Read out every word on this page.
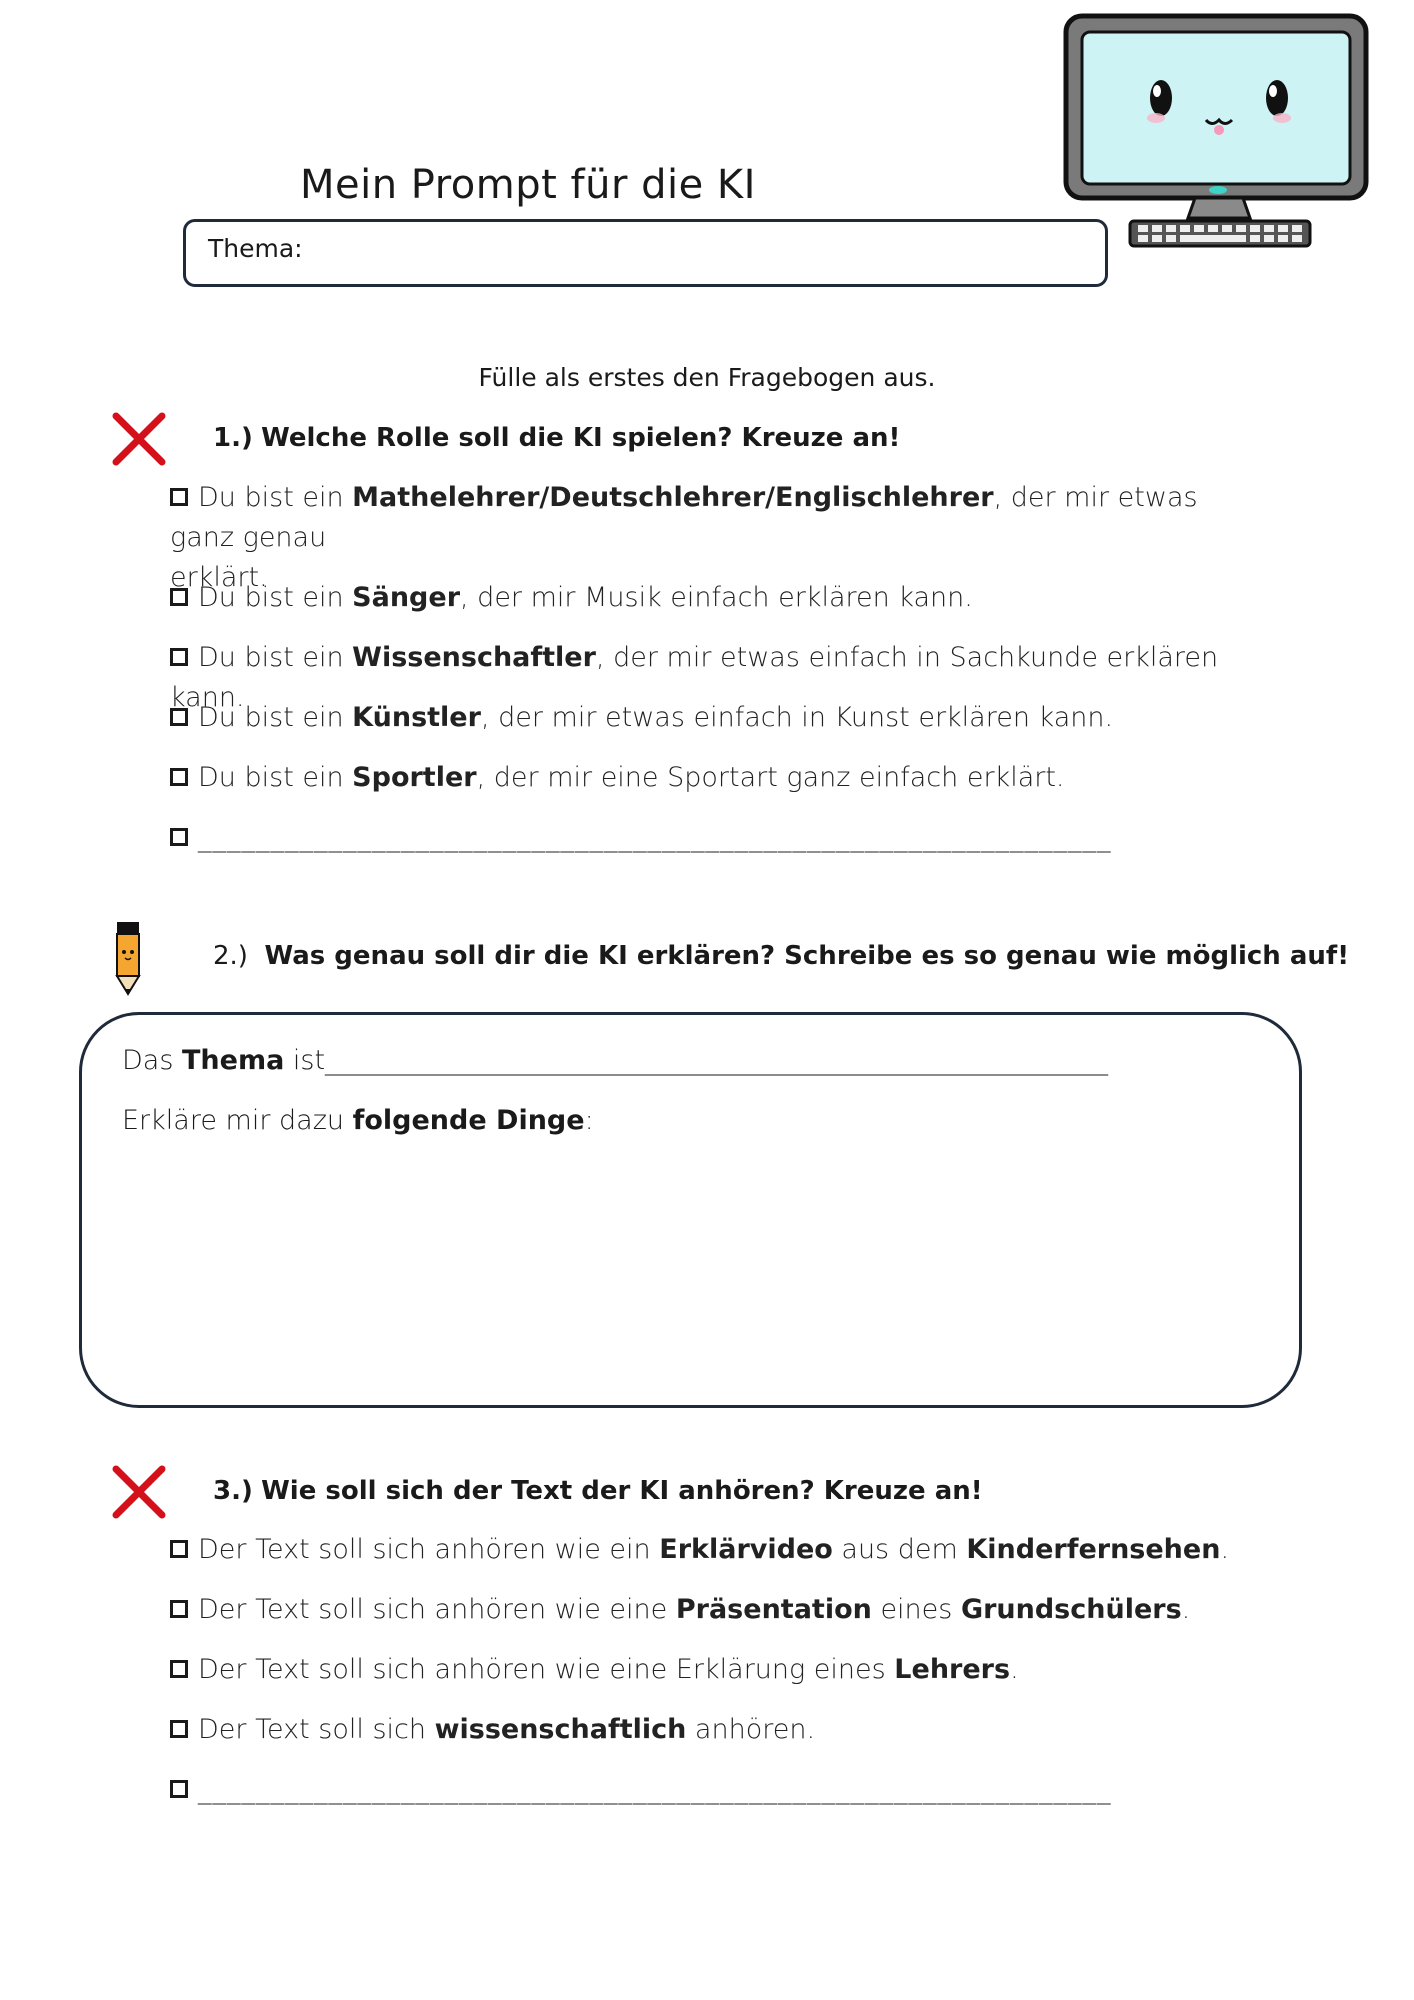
Mein Prompt für die KI
Thema:
Fülle als erstes den Fragebogen aus.
1.) Welche Rolle soll die KI spielen? Kreuze an!
Du bist ein Mathelehrer/Deutschlehrer/Englischlehrer, der mir etwas ganz genau
erklärt.
Du bist ein Sänger, der mir Musik einfach erklären kann.
Du bist ein Wissenschaftler, der mir etwas einfach in Sachkunde erklären kann.
Du bist ein Künstler, der mir etwas einfach in Kunst erklären kann.
Du bist ein Sportler, der mir eine Sportart ganz einfach erklärt.
_______________________________________________________________
2.) Was genau soll dir die KI erklären? Schreibe es so genau wie möglich auf!
Das Thema ist__________________________________________________________
Erkläre mir dazu folgende Dinge:
3.) Wie soll sich der Text der KI anhören? Kreuze an!
Der Text soll sich anhören wie ein Erklärvideo aus dem Kinderfernsehen.
Der Text soll sich anhören wie eine Präsentation eines Grundschülers.
Der Text soll sich anhören wie eine Erklärung eines Lehrers.
Der Text soll sich wissenschaftlich anhören.
_______________________________________________________________
